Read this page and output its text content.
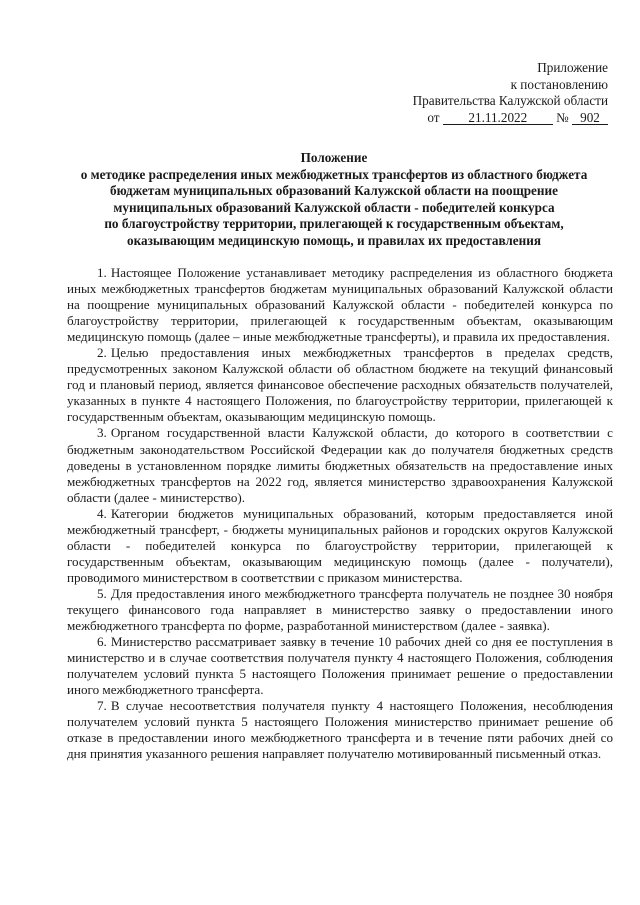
Приложение
к постановлению
Правительства Калужской области
от 21.11.2022 № 902
Положение
о методике распределения иных межбюджетных трансфертов из областного бюджета
бюджетам муниципальных образований Калужской области на поощрение
муниципальных образований Калужской области - победителей конкурса
по благоустройству территории, прилегающей к государственным объектам,
оказывающим медицинскую помощь, и правилах их предоставления

1. Настоящее Положение устанавливает методику распределения из областного бюджета иных межбюджетных трансфертов бюджетам муниципальных образований Калужской области на поощрение муниципальных образований Калужской области - победителей конкурса по благоустройству территории, прилегающей к государственным объектам, оказывающим медицинскую помощь (далее – иные межбюджетные трансферты), и правила их предоставления.

2. Целью предоставления иных межбюджетных трансфертов в пределах средств, предусмотренных законом Калужской области об областном бюджете на текущий финансовый год и плановый период, является финансовое обеспечение расходных обязательств получателей, указанных в пункте 4 настоящего Положения, по благоустройству территории, прилегающей к государственным объектам, оказывающим медицинскую помощь.

3. Органом государственной власти Калужской области, до которого в соответствии с бюджетным законодательством Российской Федерации как до получателя бюджетных средств доведены в установленном порядке лимиты бюджетных обязательств на предоставление иных межбюджетных трансфертов на 2022 год, является министерство здравоохранения Калужской области (далее - министерство).

4. Категории бюджетов муниципальных образований, которым предоставляется иной межбюджетный трансферт, - бюджеты муниципальных районов и городских округов Калужской области - победителей конкурса по благоустройству территории, прилегающей к государственным объектам, оказывающим медицинскую помощь (далее - получатели), проводимого министерством в соответствии с приказом министерства.

5. Для предоставления иного межбюджетного трансферта получатель не позднее 30 ноября текущего финансового года направляет в министерство заявку о предоставлении иного межбюджетного трансферта по форме, разработанной министерством (далее - заявка).

6. Министерство рассматривает заявку в течение 10 рабочих дней со дня ее поступления в министерство и в случае соответствия получателя пункту 4 настоящего Положения, соблюдения получателем условий пункта 5 настоящего Положения принимает решение о предоставлении иного межбюджетного трансферта.

7. В случае несоответствия получателя пункту 4 настоящего Положения, несоблюдения получателем условий пункта 5 настоящего Положения министерство принимает решение об отказе в предоставлении иного межбюджетного трансферта и в течение пяти рабочих дней со дня принятия указанного решения направляет получателю мотивированный письменный отказ.
